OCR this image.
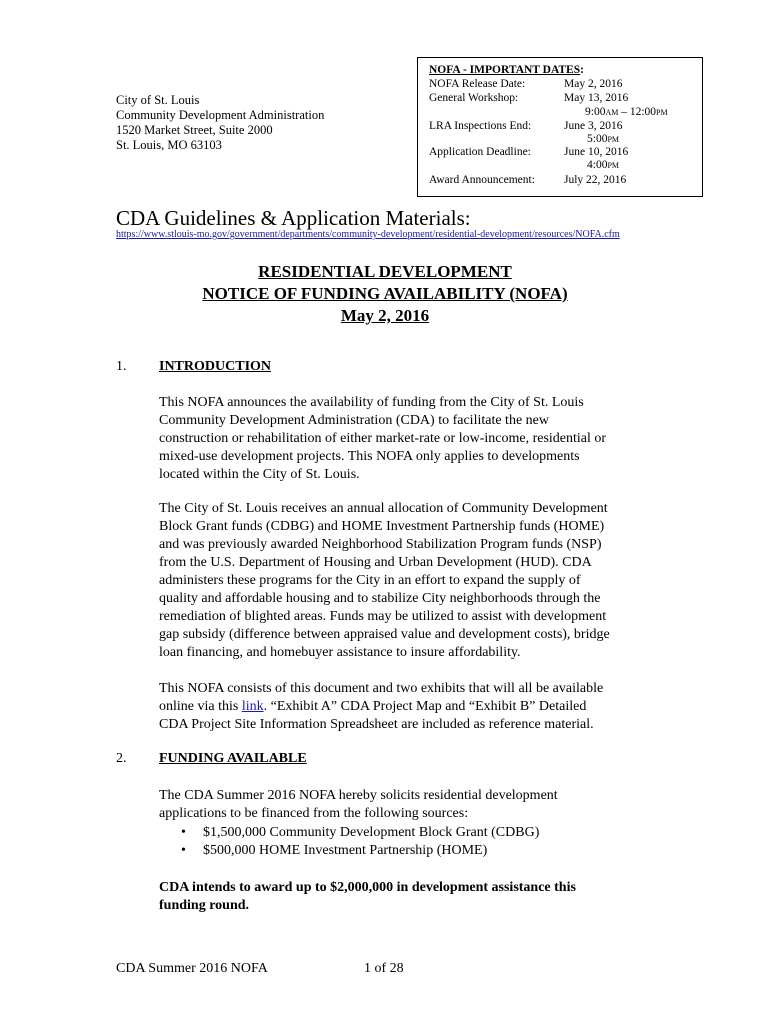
City of St. Louis
Community Development Administration
1520 Market Street, Suite 2000
St. Louis, MO 63103
NOFA - IMPORTANT DATES:
NOFA Release Date:	May 2, 2016
General Workshop:	May 13, 2016
9:00AM – 12:00PM
LRA Inspections End:	June 3, 2016
5:00PM
Application Deadline:	June 10, 2016
4:00PM
Award Announcement:	July 22, 2016
CDA Guidelines & Application Materials:
https://www.stlouis-mo.gov/government/departments/community-development/residential-development/resources/NOFA.cfm
RESIDENTIAL DEVELOPMENT
NOTICE OF FUNDING AVAILABILITY (NOFA)
May 2, 2016
1. INTRODUCTION
This NOFA announces the availability of funding from the City of St. Louis
Community Development Administration (CDA) to facilitate the new
construction or rehabilitation of either market-rate or low-income, residential or
mixed-use development projects. This NOFA only applies to developments
located within the City of St. Louis.
The City of St. Louis receives an annual allocation of Community Development
Block Grant funds (CDBG) and HOME Investment Partnership funds (HOME)
and was previously awarded Neighborhood Stabilization Program funds (NSP)
from the U.S. Department of Housing and Urban Development (HUD). CDA
administers these programs for the City in an effort to expand the supply of
quality and affordable housing and to stabilize City neighborhoods through the
remediation of blighted areas. Funds may be utilized to assist with development
gap subsidy (difference between appraised value and development costs), bridge
loan financing, and homebuyer assistance to insure affordability.
This NOFA consists of this document and two exhibits that will all be available
online via this link. “Exhibit A” CDA Project Map and “Exhibit B” Detailed
CDA Project Site Information Spreadsheet are included as reference material.
2. FUNDING AVAILABLE
The CDA Summer 2016 NOFA hereby solicits residential development
applications to be financed from the following sources:
• $1,500,000 Community Development Block Grant (CDBG)
• $500,000 HOME Investment Partnership (HOME)
CDA intends to award up to $2,000,000 in development assistance this
funding round.
CDA Summer 2016 NOFA	1 of 28
